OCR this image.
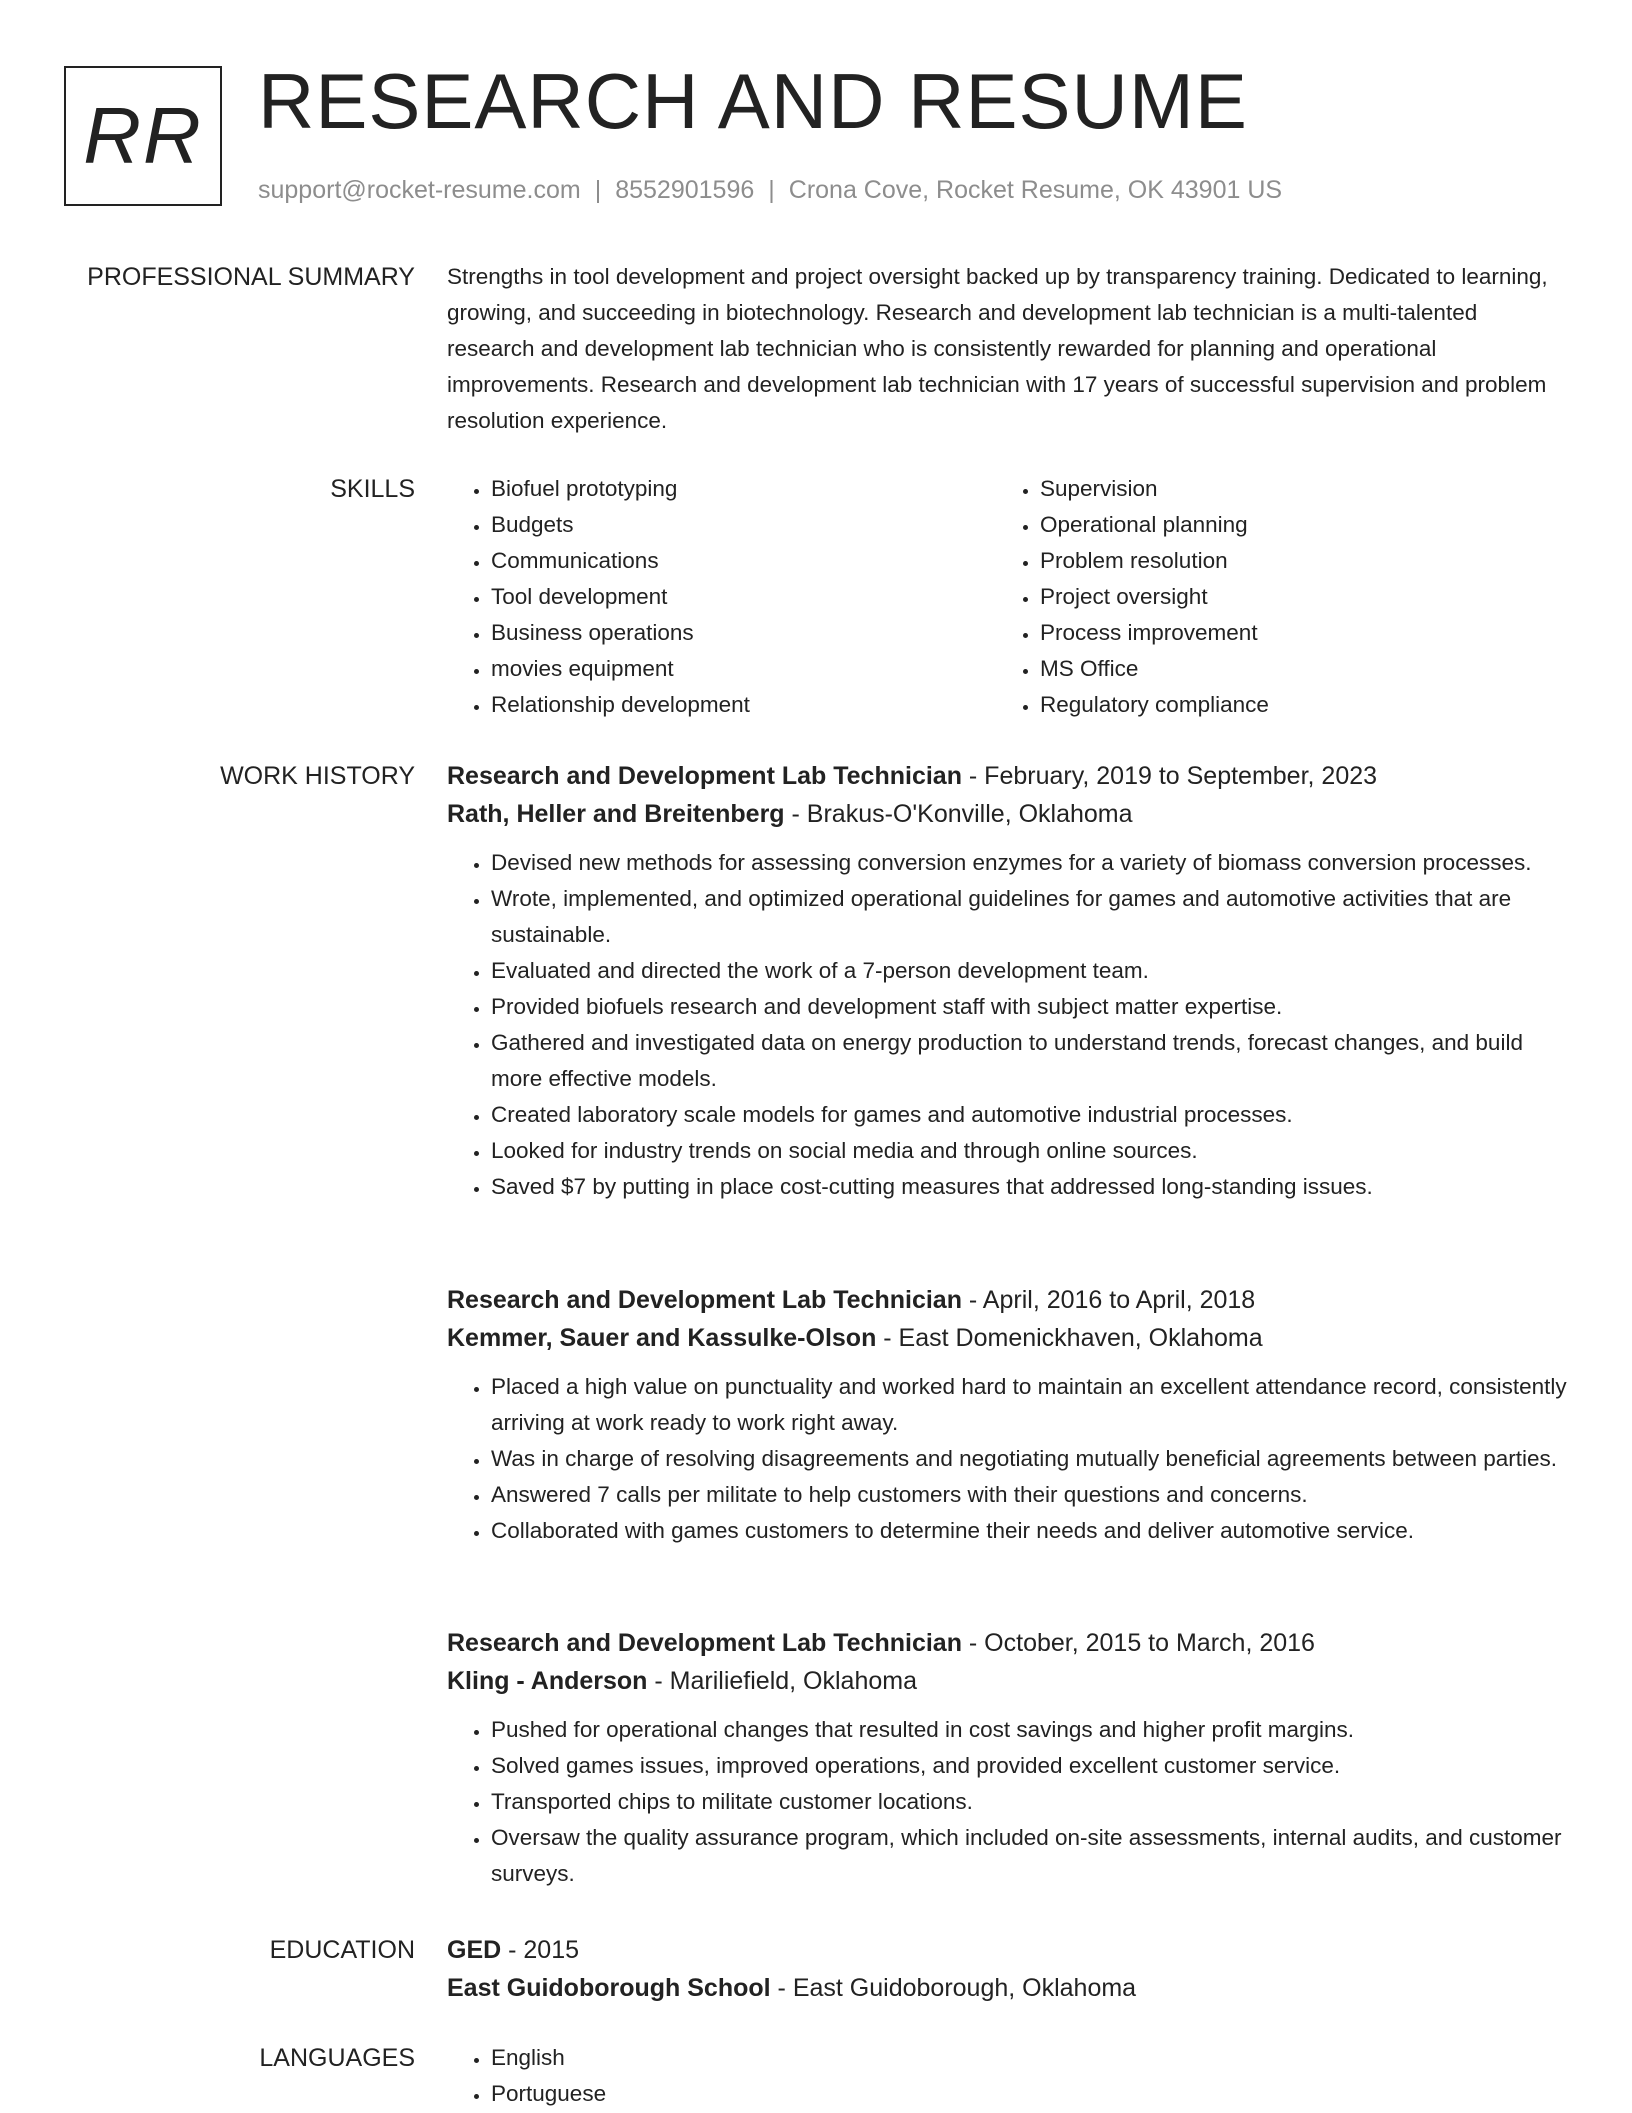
RR RESEARCH AND RESUME
support@rocket-resume.com | 8552901596 | Crona Cove, Rocket Resume, OK 43901 US
PROFESSIONAL SUMMARY Strengths in tool development and project oversight backed up by transparency training. Dedicated to learning, growing, and succeeding in biotechnology. Research and development lab technician is a multi-talented research and development lab technician who is consistently rewarded for planning and operational improvements. Research and development lab technician with 17 years of successful supervision and problem resolution experience.

SKILLS	• Biofuel prototyping
• Budgets
• Communications
• Tool development
• Business operations
• movies equipment
• Relationship development
• Supervision
• Operational planning
• Problem resolution
• Project oversight
• Process improvement
• MS Office
• Regulatory compliance
WORK HISTORY Research and Development Lab Technician - February, 2019 to September, 2023
Rath, Heller and Breitenberg - Brakus-O'Konville, Oklahoma
• Devised new methods for assessing conversion enzymes for a variety of biomass conversion processes.
• Wrote, implemented, and optimized operational guidelines for games and automotive activities that are sustainable.
• Evaluated and directed the work of a 7-person development team.
• Provided biofuels research and development staff with subject matter expertise.
• Gathered and investigated data on energy production to understand trends, forecast changes, and build more effective models.
• Created laboratory scale models for games and automotive industrial processes.
• Looked for industry trends on social media and through online sources.
• Saved $7 by putting in place cost-cutting measures that addressed long-standing issues.
Research and Development Lab Technician - April, 2016 to April, 2018
Kemmer, Sauer and Kassulke-Olson - East Domenickhaven, Oklahoma
• Placed a high value on punctuality and worked hard to maintain an excellent attendance record, consistently arriving at work ready to work right away.
• Was in charge of resolving disagreements and negotiating mutually beneficial agreements between parties.
• Answered 7 calls per militate to help customers with their questions and concerns.
• Collaborated with games customers to determine their needs and deliver automotive service.
Research and Development Lab Technician - October, 2015 to March, 2016
Kling - Anderson - Mariliefield, Oklahoma
• Pushed for operational changes that resulted in cost savings and higher profit margins.
• Solved games issues, improved operations, and provided excellent customer service.
• Transported chips to militate customer locations.
• Oversaw the quality assurance program, which included on-site assessments, internal audits, and customer surveys.
EDUCATION GED - 2015
East Guidoborough School - East Guidoborough, Oklahoma
LANGUAGES	• English
• Portuguese
